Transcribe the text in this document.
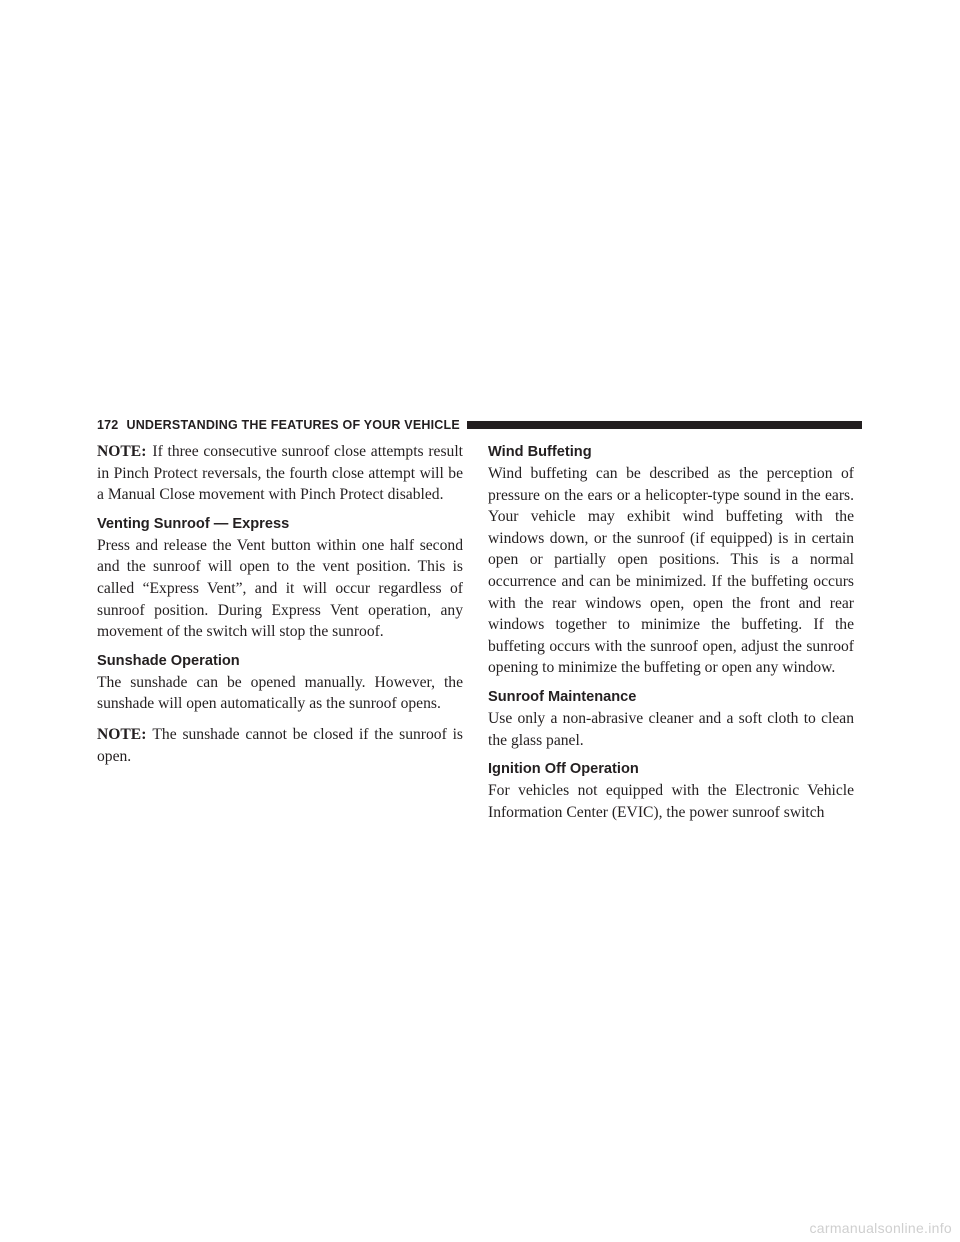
172 UNDERSTANDING THE FEATURES OF YOUR VEHICLE

NOTE: If three consecutive sunroof close attempts result in Pinch Protect reversals, the fourth close attempt will be a Manual Close movement with Pinch Protect disabled.

Venting Sunroof — Express

Press and release the Vent button within one half second and the sunroof will open to the vent position. This is called “Express Vent”, and it will occur regardless of sunroof position. During Express Vent operation, any movement of the switch will stop the sunroof.

Sunshade Operation

The sunshade can be opened manually. However, the sunshade will open automatically as the sunroof opens.

NOTE: The sunshade cannot be closed if the sunroof is open.

Wind Buffeting

Wind buffeting can be described as the perception of pressure on the ears or a helicopter-type sound in the ears. Your vehicle may exhibit wind buffeting with the windows down, or the sunroof (if equipped) is in certain open or partially open positions. This is a normal occurrence and can be minimized. If the buffeting occurs with the rear windows open, open the front and rear windows together to minimize the buffeting. If the buffeting occurs with the sunroof open, adjust the sunroof opening to minimize the buffeting or open any window.

Sunroof Maintenance

Use only a non-abrasive cleaner and a soft cloth to clean the glass panel.

Ignition Off Operation

For vehicles not equipped with the Electronic Vehicle Information Center (EVIC), the power sunroof switch

carmanualsonline.info
